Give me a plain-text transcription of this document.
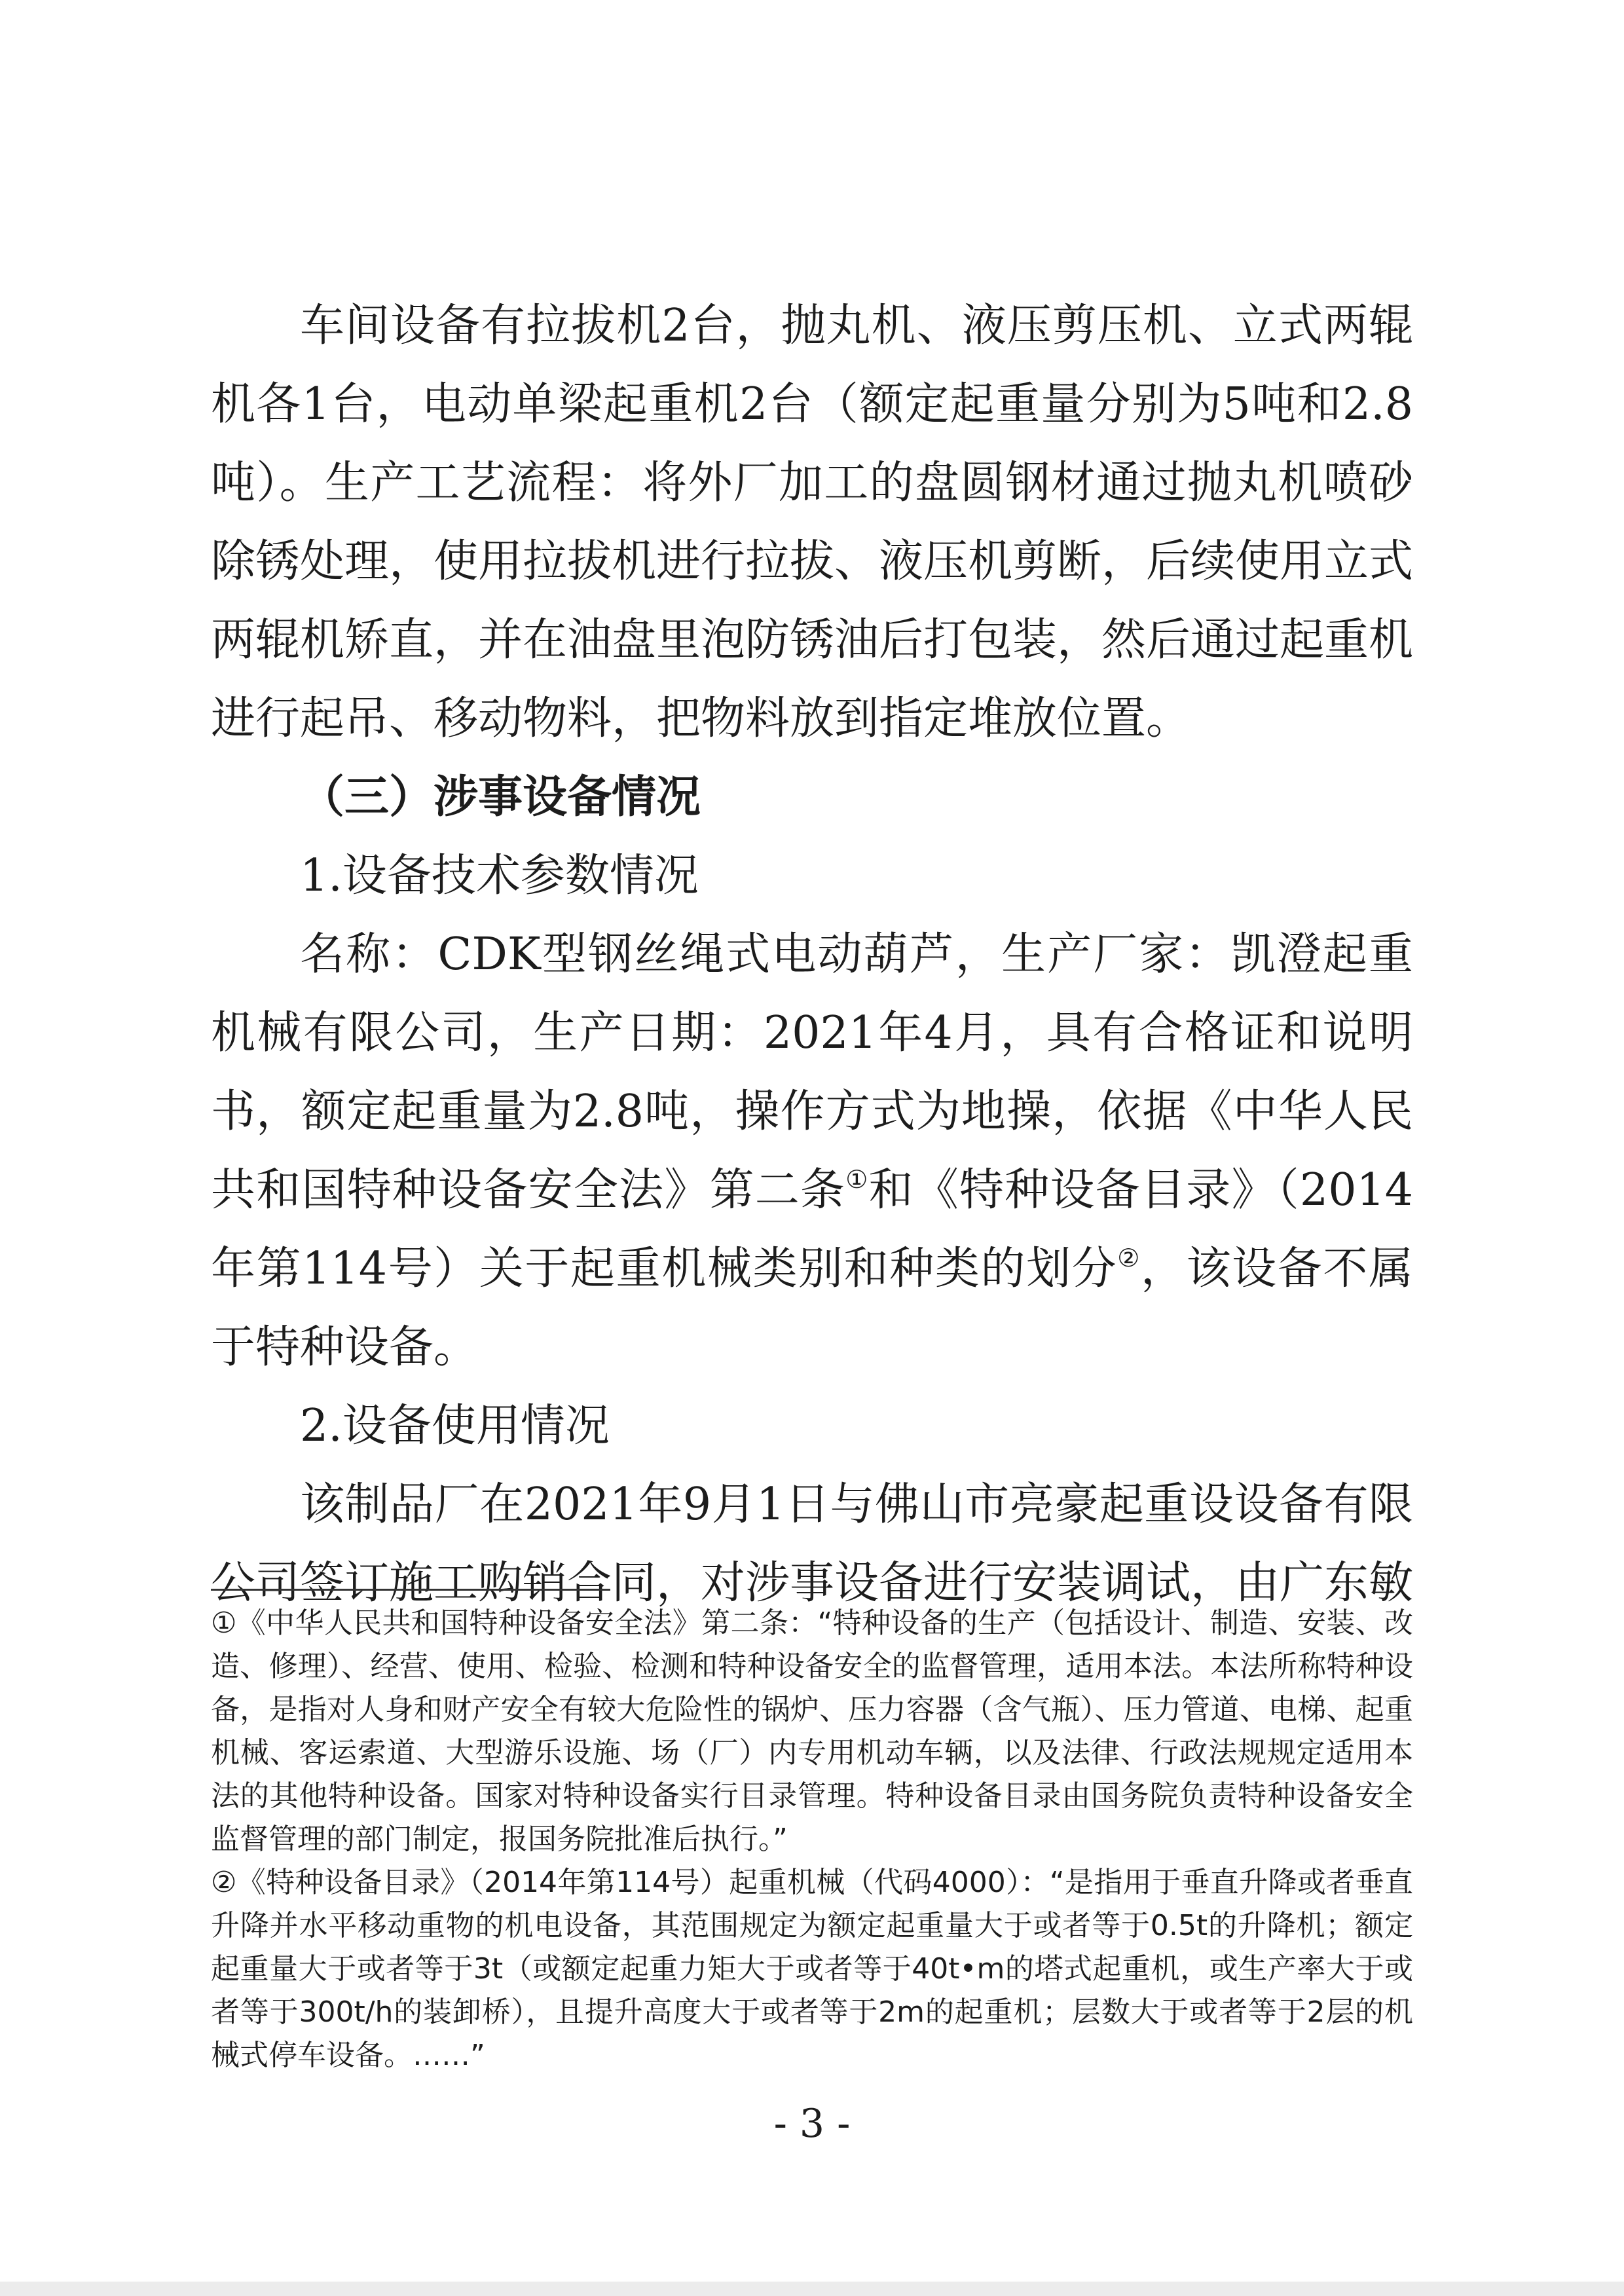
车间设备有拉拔机2台，抛丸机、液压剪压机、立式两辊机各1台，电动单梁起重机2台（额定起重量分别为5吨和2.8吨）。生产工艺流程：将外厂加工的盘圆钢材通过抛丸机喷砂除锈处理，使用拉拔机进行拉拔、液压机剪断，后续使用立式两辊机矫直，并在油盘里泡防锈油后打包装，然后通过起重机进行起吊、移动物料，把物料放到指定堆放位置。

（三）涉事设备情况

1.设备技术参数情况

名称：CDK型钢丝绳式电动葫芦，生产厂家：凯澄起重机械有限公司，生产日期：2021年4月，具有合格证和说明书，额定起重量为2.8吨，操作方式为地操，依据《中华人民共和国特种设备安全法》第二条①和《特种设备目录》（2014年第114号）关于起重机械类别和种类的划分②，该设备不属于特种设备。

2.设备使用情况

该制品厂在2021年9月1日与佛山市亮豪起重设设备有限公司签订施工购销合同，对涉事设备进行安装调试，由广东敏

①《中华人民共和国特种设备安全法》第二条：“特种设备的生产（包括设计、制造、安装、改造、修理）、经营、使用、检验、检测和特种设备安全的监督管理，适用本法。本法所称特种设备，是指对人身和财产安全有较大危险性的锅炉、压力容器（含气瓶）、压力管道、电梯、起重机械、客运索道、大型游乐设施、场（厂）内专用机动车辆，以及法律、行政法规规定适用本法的其他特种设备。国家对特种设备实行目录管理。特种设备目录由国务院负责特种设备安全监督管理的部门制定，报国务院批准后执行。”

②《特种设备目录》（2014年第114号）起重机械（代码4000）：“是指用于垂直升降或者垂直升降并水平移动重物的机电设备，其范围规定为额定起重量大于或者等于0.5t的升降机；额定起重量大于或者等于3t（或额定起重力矩大于或者等于40t•m的塔式起重机，或生产率大于或者等于300t/h的装卸桥），且提升高度大于或者等于2m的起重机；层数大于或者等于2层的机械式停车设备。……”

- 3 -
